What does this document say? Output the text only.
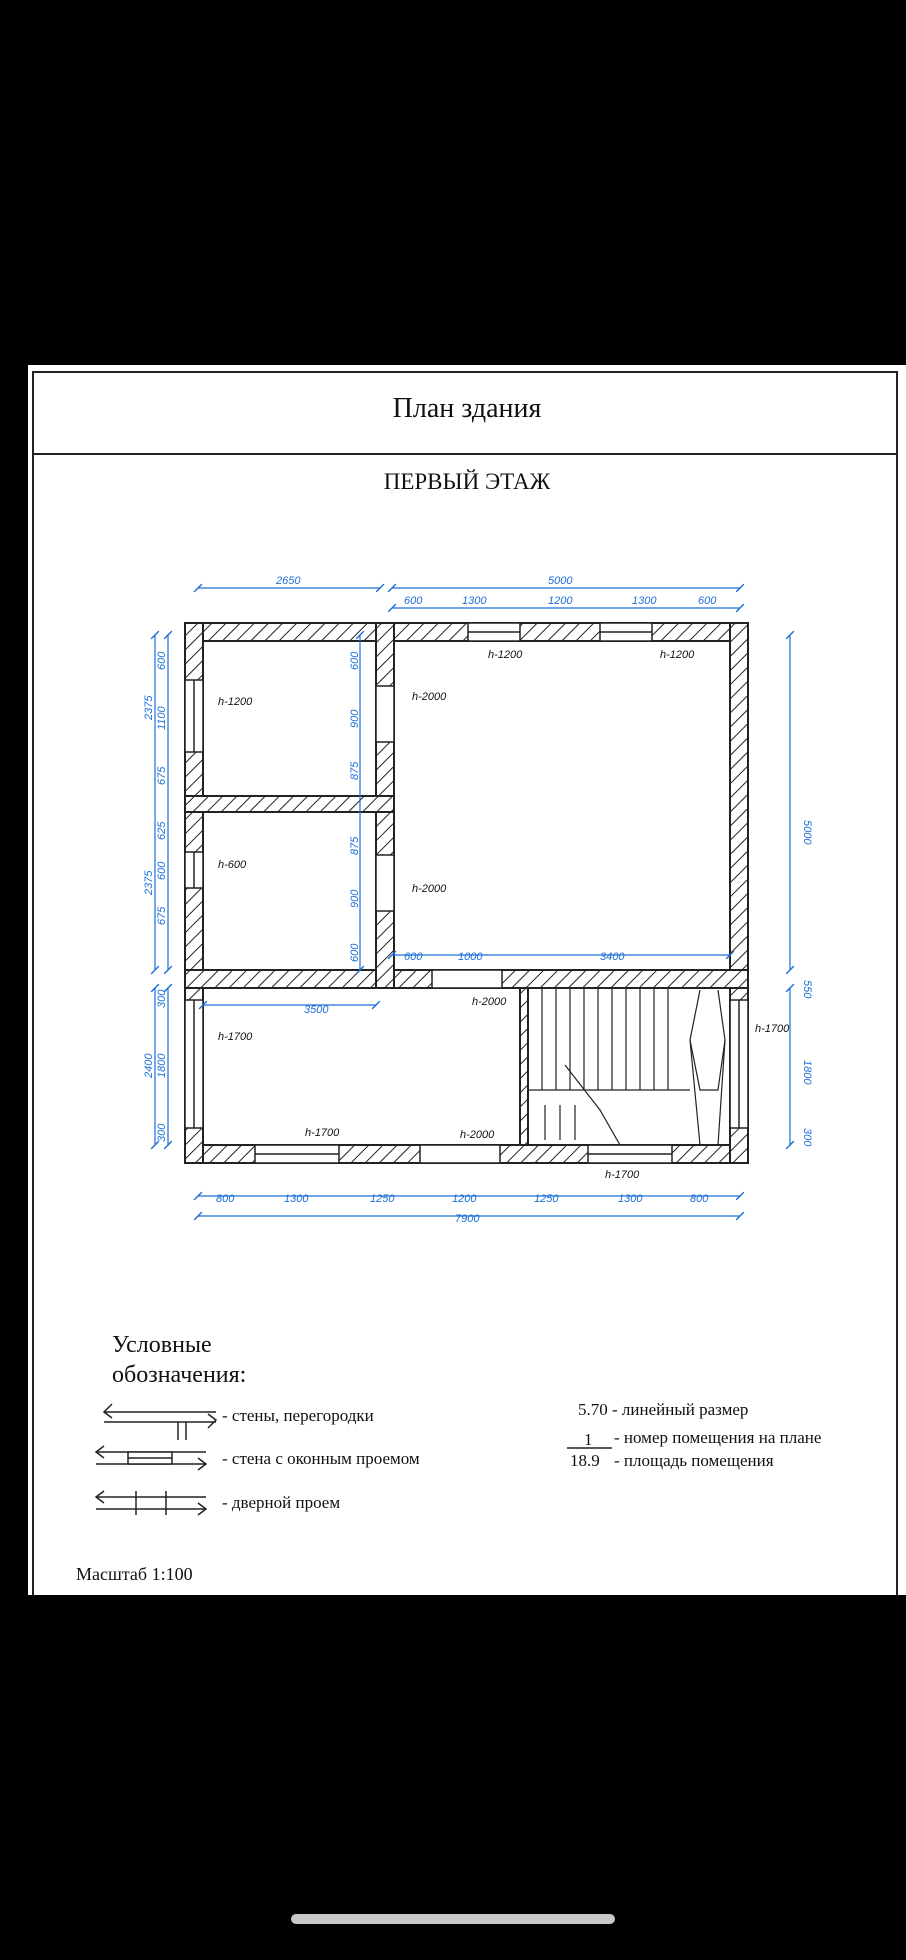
План здания
ПЕРВЫЙ ЭТАЖ
2650	5000
600	1300	1200	1300	600
800	1300	1250	1200	1250	1300	800
7900
3500
600	1000	3400
2375
600
1100
675
2375
625
600
675
2400
300
1800
300
600
900
875
875
900
600
5000
550
1800
300
h-1200
h-1200	h-1200
h-600
h-2000
h-2000
h-2000
h-2000
h-1700
h-1700
h-1700
h-1700
Условные
обозначения:
- стены, перегородки
- стена с оконным проемом
- дверной проем
5.70 - линейный размер
1 - номер помещения на плане
18.9 - площадь помещения
Масштаб 1:100
